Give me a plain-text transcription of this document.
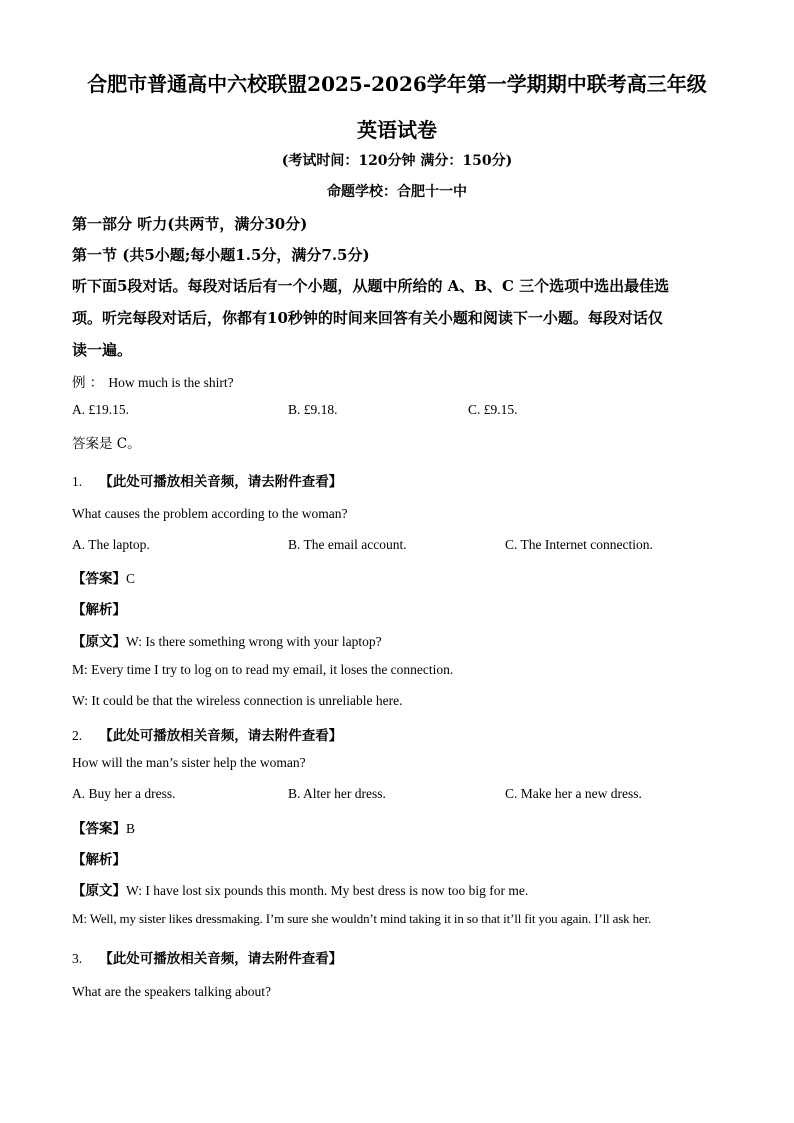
合肥市普通高中六校联盟2025-2026学年第一学期期中联考高三年级
英语试卷
(考试时间：120分钟 满分：150分)
命题学校：合肥十一中
第一部分 听力(共两节，满分30分)
第一节 (共5小题;每小题1.5分，满分7.5分)
听下面5段对话。每段对话后有一个小题，从题中所给的 A、B、C 三个选项中选出最佳选
项。听完每段对话后，你都有10秒钟的时间来回答有关小题和阅读下一小题。每段对话仅
读一遍。
例 ： How much is the shirt?
A. £19.15.	B. £9.18.	C. £9.15.
答案是 C。
1. 【此处可播放相关音频，请去附件查看】
What causes the problem according to the woman?
A. The laptop.	B. The email account.	C. The Internet connection.
【答案】C
【解析】
【原文】W: Is there something wrong with your laptop?
M: Every time I try to log on to read my email, it loses the connection.
W: It could be that the wireless connection is unreliable here.
2. 【此处可播放相关音频，请去附件查看】
How will the man’s sister help the woman?
A. Buy her a dress.	B. Alter her dress.	C. Make her a new dress.
【答案】B
【解析】
【原文】W: I have lost six pounds this month. My best dress is now too big for me.
M: Well, my sister likes dressmaking. I’m sure she wouldn’t mind taking it in so that it’ll fit you again. I’ll ask her.
3. 【此处可播放相关音频，请去附件查看】
What are the speakers talking about?
